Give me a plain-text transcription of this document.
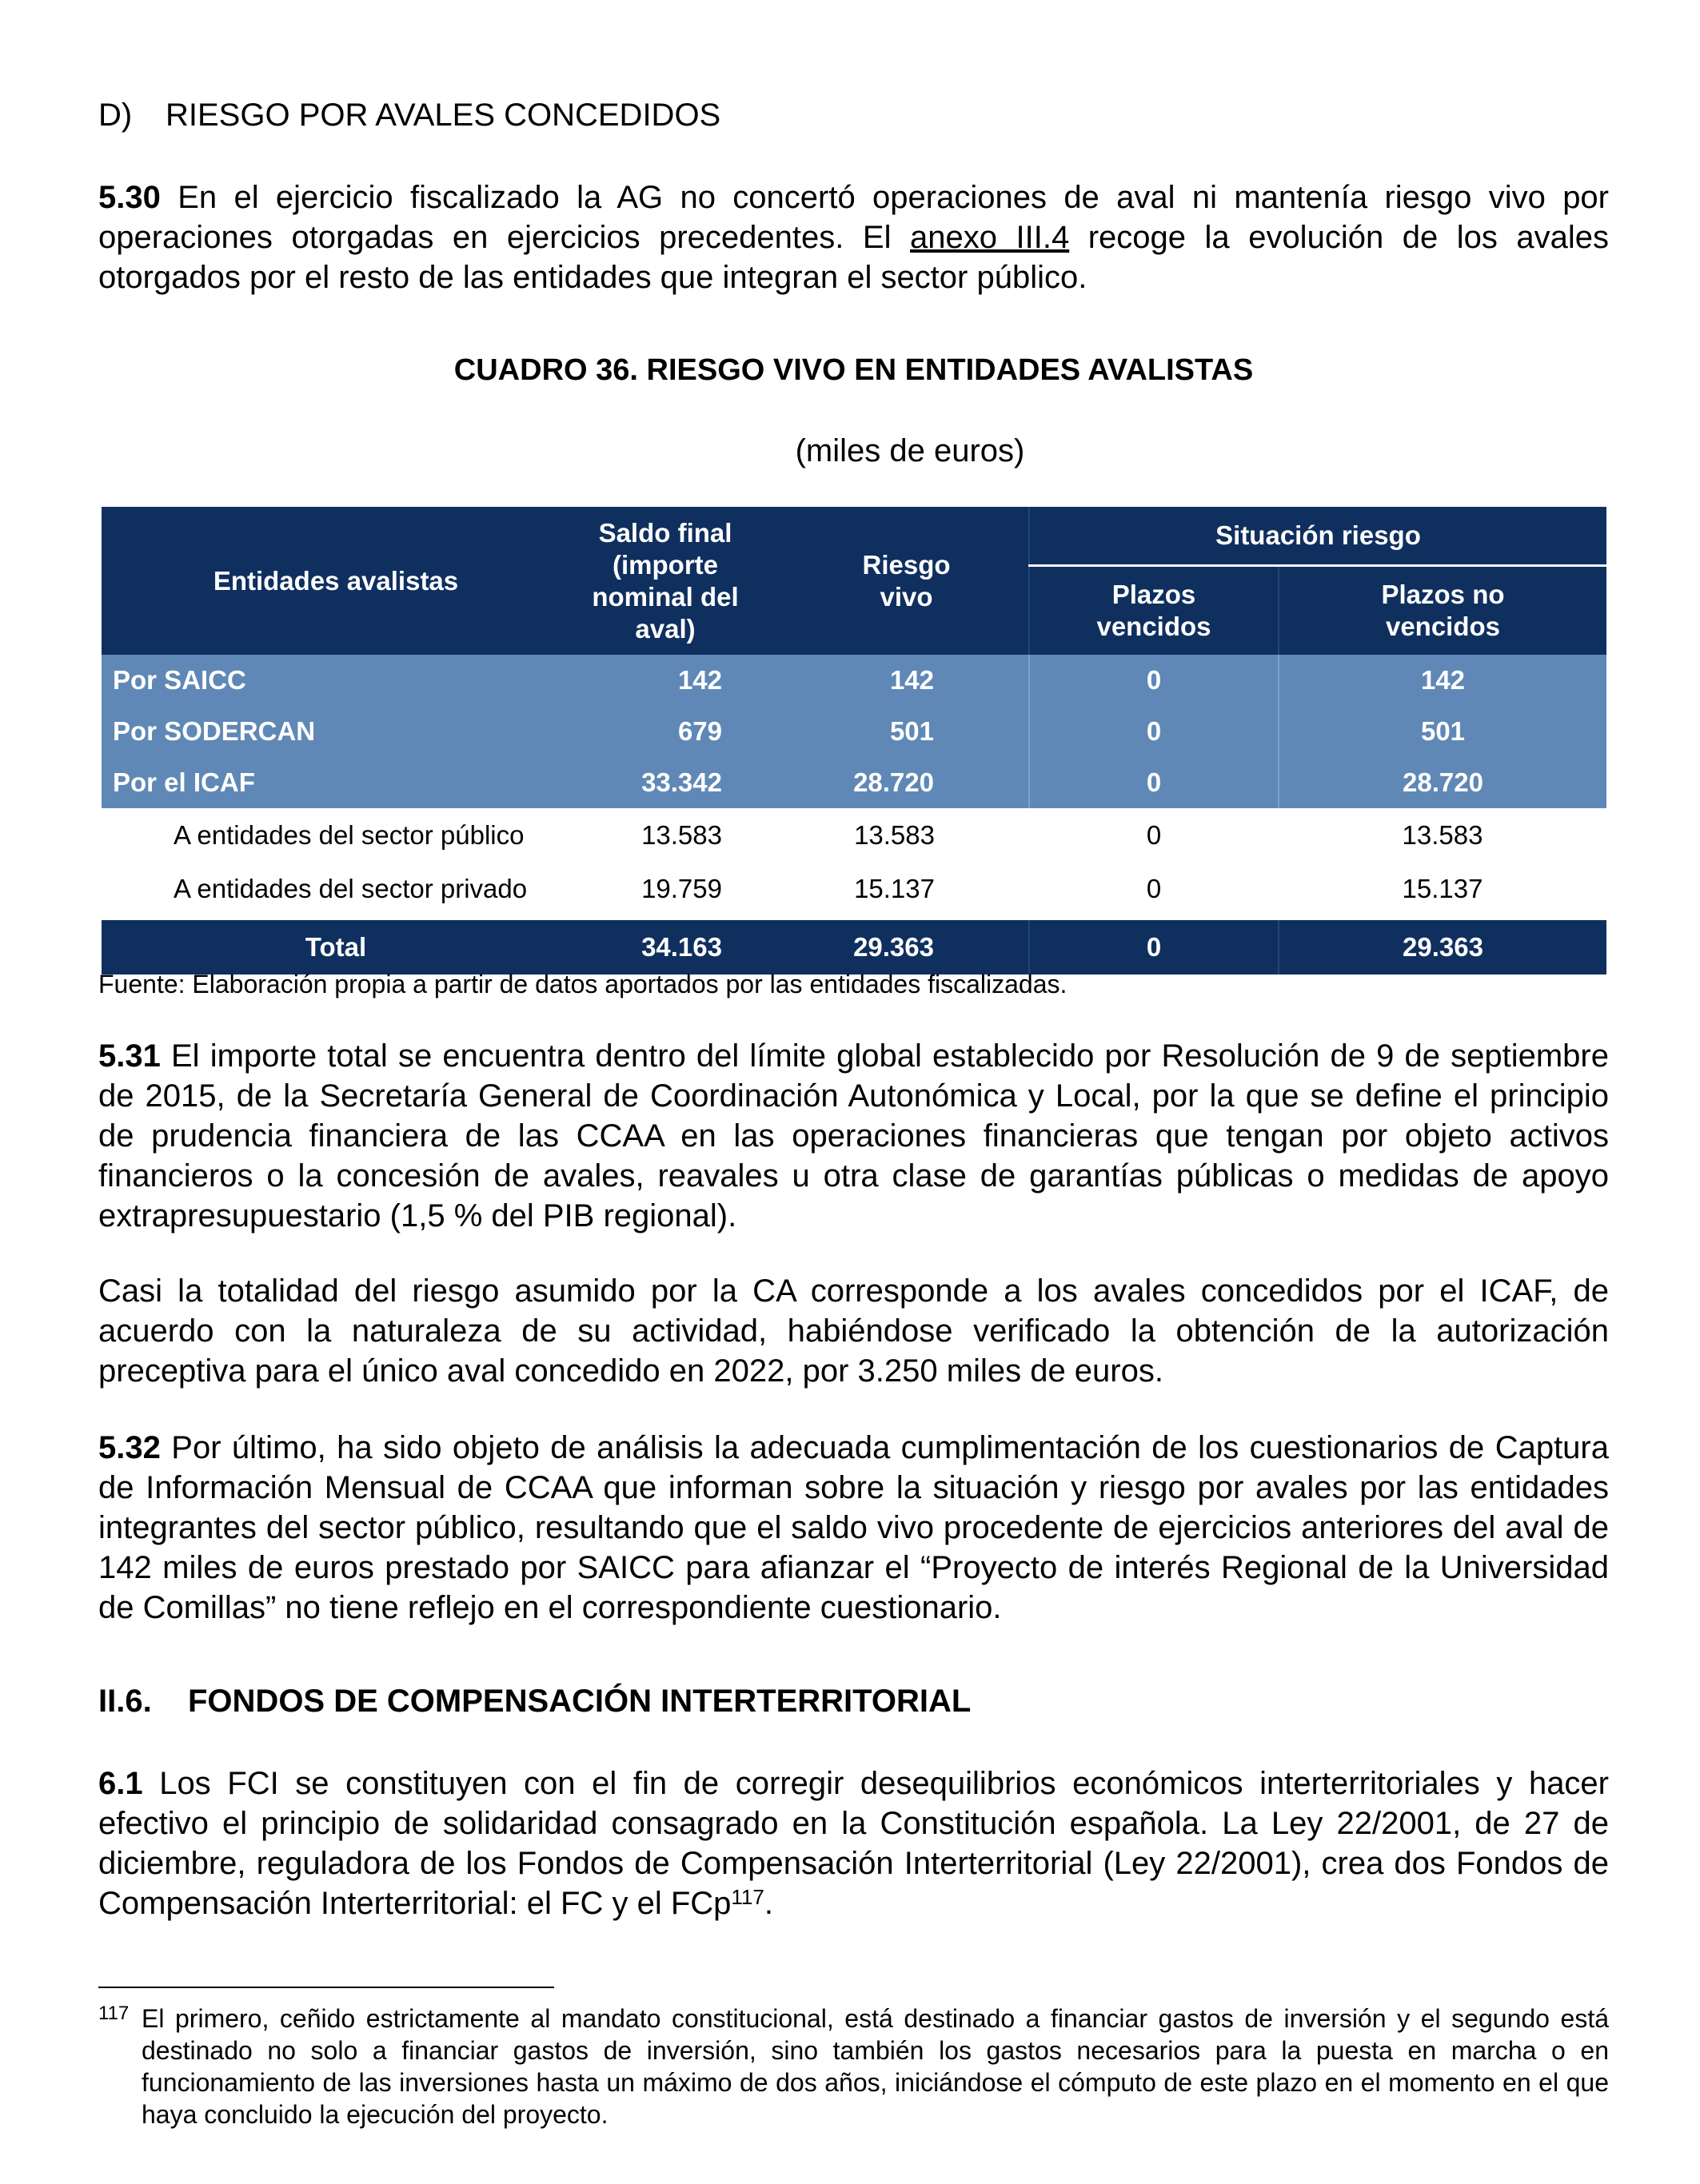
D) RIESGO POR AVALES CONCEDIDOS
5.30 En el ejercicio fiscalizado la AG no concertó operaciones de aval ni mantenía riesgo vivo por operaciones otorgadas en ejercicios precedentes. El anexo III.4 recoge la evolución de los avales otorgados por el resto de las entidades que integran el sector público.
CUADRO 36. RIESGO VIVO EN ENTIDADES AVALISTAS
(miles de euros)
Entidades avalistas	Saldo final (importe nominal del aval)	Riesgo vivo	Situación riesgo	
			Plazos vencidos	Plazos no vencidos
Por SAICC	142	142	0	142
Por SODERCAN	679	501	0	501
Por el ICAF	33.342	28.720	0	28.720
A entidades del sector público	13.583	13.583	0	13.583
A entidades del sector privado	19.759	15.137	0	15.137

Total	34.163	29.363	0	29.363
Fuente: Elaboración propia a partir de datos aportados por las entidades fiscalizadas.
5.31 El importe total se encuentra dentro del límite global establecido por Resolución de 9 de septiembre de 2015, de la Secretaría General de Coordinación Autonómica y Local, por la que se define el principio de prudencia financiera de las CCAA en las operaciones financieras que tengan por objeto activos financieros o la concesión de avales, reavales u otra clase de garantías públicas o medidas de apoyo extrapresupuestario (1,5 % del PIB regional).
Casi la totalidad del riesgo asumido por la CA corresponde a los avales concedidos por el ICAF, de acuerdo con la naturaleza de su actividad, habiéndose verificado la obtención de la autorización preceptiva para el único aval concedido en 2022, por 3.250 miles de euros.
5.32 Por último, ha sido objeto de análisis la adecuada cumplimentación de los cuestionarios de Captura de Información Mensual de CCAA que informan sobre la situación y riesgo por avales por las entidades integrantes del sector público, resultando que el saldo vivo procedente de ejercicios anteriores del aval de 142 miles de euros prestado por SAICC para afianzar el “Proyecto de interés Regional de la Universidad de Comillas” no tiene reflejo en el correspondiente cuestionario.
II.6. FONDOS DE COMPENSACIÓN INTERTERRITORIAL
6.1 Los FCI se constituyen con el fin de corregir desequilibrios económicos interterritoriales y hacer efectivo el principio de solidaridad consagrado en la Constitución española. La Ley 22/2001, de 27 de diciembre, reguladora de los Fondos de Compensación Interterritorial (Ley 22/2001), crea dos Fondos de Compensación Interterritorial: el FC y el FCp$^{117}$.
117 El primero, ceñido estrictamente al mandato constitucional, está destinado a financiar gastos de inversión y el segundo está destinado no solo a financiar gastos de inversión, sino también los gastos necesarios para la puesta en marcha o en funcionamiento de las inversiones hasta un máximo de dos años, iniciándose el cómputo de este plazo en el momento en el que haya concluido la ejecución del proyecto.
